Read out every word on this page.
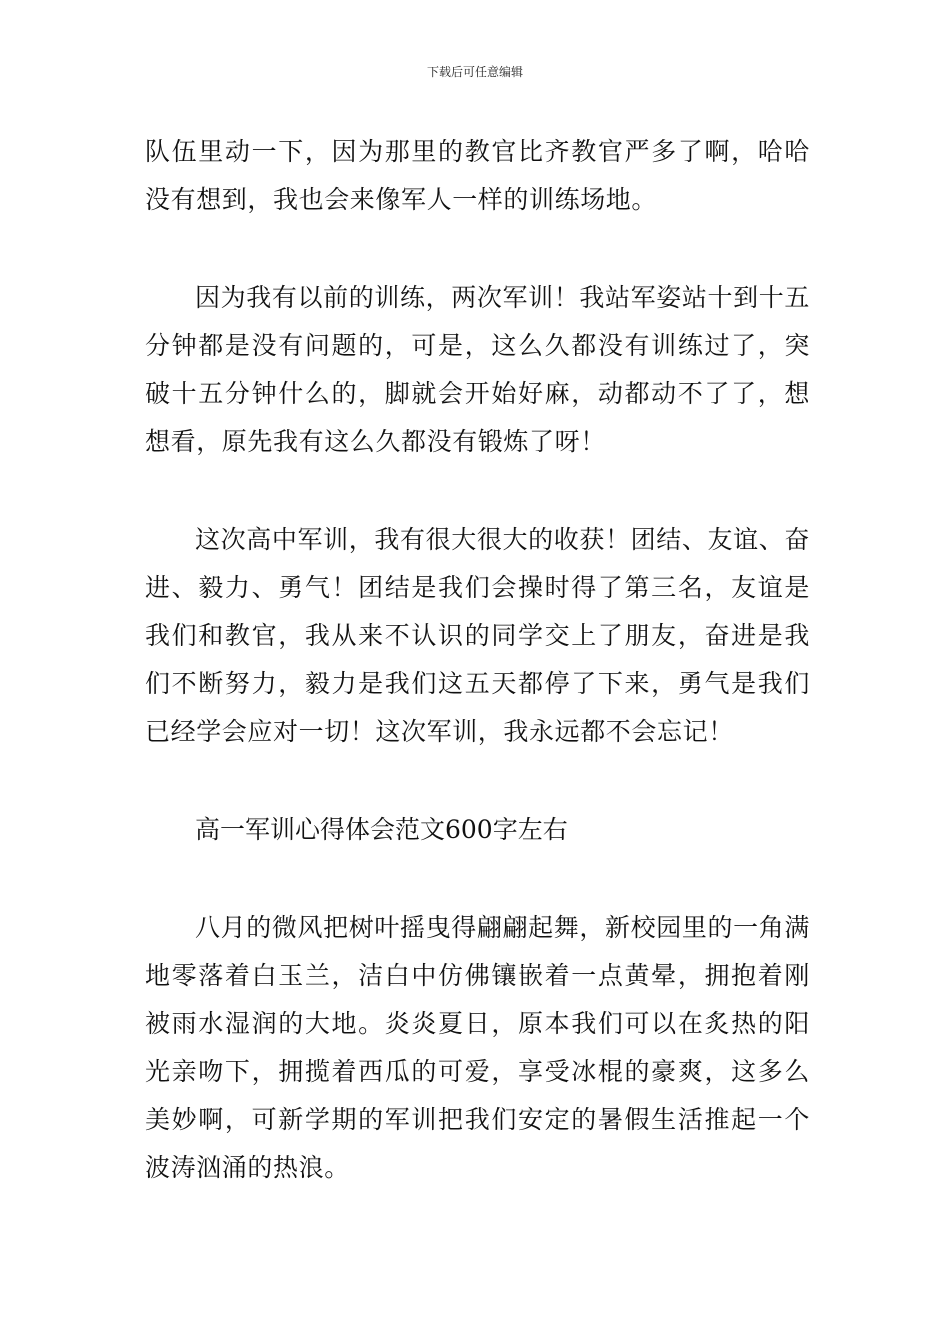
下载后可任意编辑

队伍里动一下，因为那里的教官比齐教官严多了啊，哈哈没有想到，我也会来像军人一样的训练场地。

因为我有以前的训练，两次军训！我站军姿站十到十五分钟都是没有问题的，可是，这么久都没有训练过了，突破十五分钟什么的，脚就会开始好麻，动都动不了了，想想看，原先我有这么久都没有锻炼了呀！

这次高中军训，我有很大很大的收获！团结、友谊、奋进、毅力、勇气！团结是我们会操时得了第三名，友谊是我们和教官，我从来不认识的同学交上了朋友，奋进是我们不断努力，毅力是我们这五天都停了下来，勇气是我们已经学会应对一切！这次军训，我永远都不会忘记！

高一军训心得体会范文600字左右

八月的微风把树叶摇曳得翩翩起舞，新校园里的一角满地零落着白玉兰，洁白中仿佛镶嵌着一点黄晕，拥抱着刚被雨水湿润的大地。炎炎夏日，原本我们可以在炙热的阳光亲吻下，拥揽着西瓜的可爱，享受冰棍的豪爽，这多么美妙啊，可新学期的军训把我们安定的暑假生活推起一个波涛汹涌的热浪。
